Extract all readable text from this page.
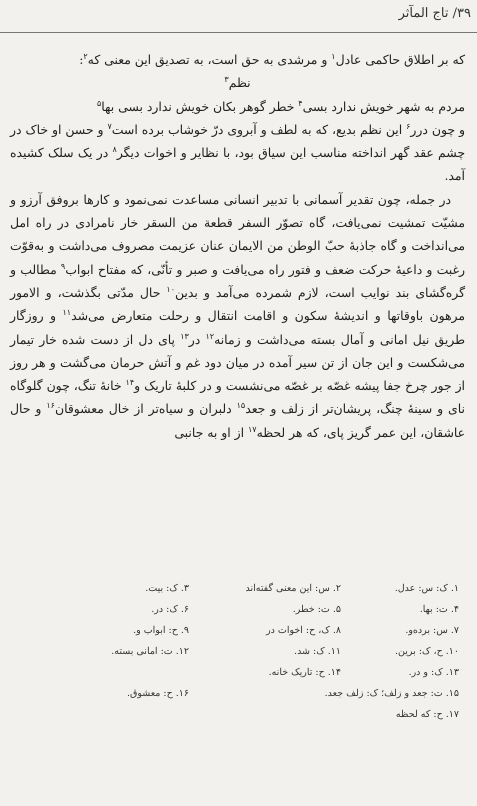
۳۹/ تاج المآثر

که بر اطلاق حاکمی عادل$^۱$ و مرشدی به حق است، به تصدیق این معنی که$^۲$:

نظم$^۳$

مردم به شهر خویش ندارد بسی$^۴$ خطر گوهر بکان خویش ندارد بسی بها$^۵$

و چون درر$^۶$ این نظم بدیع، که به لطف و آبروی درّ خوشاب برده است$^۷$ و حسن او خاک در چشم عقد گهر انداخته مناسب این سیاق بود، با نظایر و اخوات دیگر$^۸$ در یک سلک کشیده آمد.

در جمله، چون تقدیر آسمانی با تدبیر انسانی مساعدت نمی‌نمود و کارها بروفق آرزو و مشیّت تمشیت نمی‌یافت، گاه تصوّر السفر قطعة من السقر خار نامرادی در راه امل می‌انداخت و گاه جاذبهٔ حبّ الوطن من الایمان عنان عزیمت مصروف می‌داشت و به‌قوّت رغبت و داعیهٔ حرکت ضعف و فتور راه می‌یافت و صبر و تأنّی، که مفتاح ابواب$^۹$ مطالب و گره‌گشای بند نوایب است، لازم شمرده می‌آمد و بدین$^{۱۰}$ حال مدّتی بگذشت، و الامور مرهون باوقاتها و اندیشهٔ سکون و اقامت انتقال و رحلت متعارض می‌شد$^{۱۱}$ و روزگار طریق نیل امانی و آمال بسته می‌داشت و زمانه$^{۱۲}$ در$^{۱۳}$ پای دل از دست شده خار تیمار می‌شکست و این جان از تن سیر آمده در میان دود غم و آتش حرمان می‌گشت و هر روز از جور چرخ جفا پیشه غصّه بر غصّه می‌نشست و در کلبهٔ تاریک و$^{۱۴}$ خانهٔ تنگ، چون گلوگاه نای و سینهٔ چنگ، پریشان‌تر از زلف و جعد$^{۱۵}$ دلبران و سیاه‌تر از خال معشوقان$^{۱۶}$ و حال عاشقان، این عمر گریز پای، که هر لحظه$^{۱۷}$ از او به جانبی

۱. ک: س: عدل.
۲. س: این معنی گفته‌اند
۳. ک: بیت.
۴. ت: بها.
۵. ت: خطر.
۶. ک: در.
۷. س: برده‌و.
۸. ک، ح: اخوات در
۹. ح: ابواب و.
۱۰. ح، ک: برین.
۱۱. ک: شد.
۱۲. ت: امانی بسته.
۱۳. ک: و در.
۱۴. ح: تاریک خانه.
۱۵. ت: جعد و زلف؛ ک: زلف جعد.
۱۶. ح: معشوق.
۱۷. ح: که لحظه
